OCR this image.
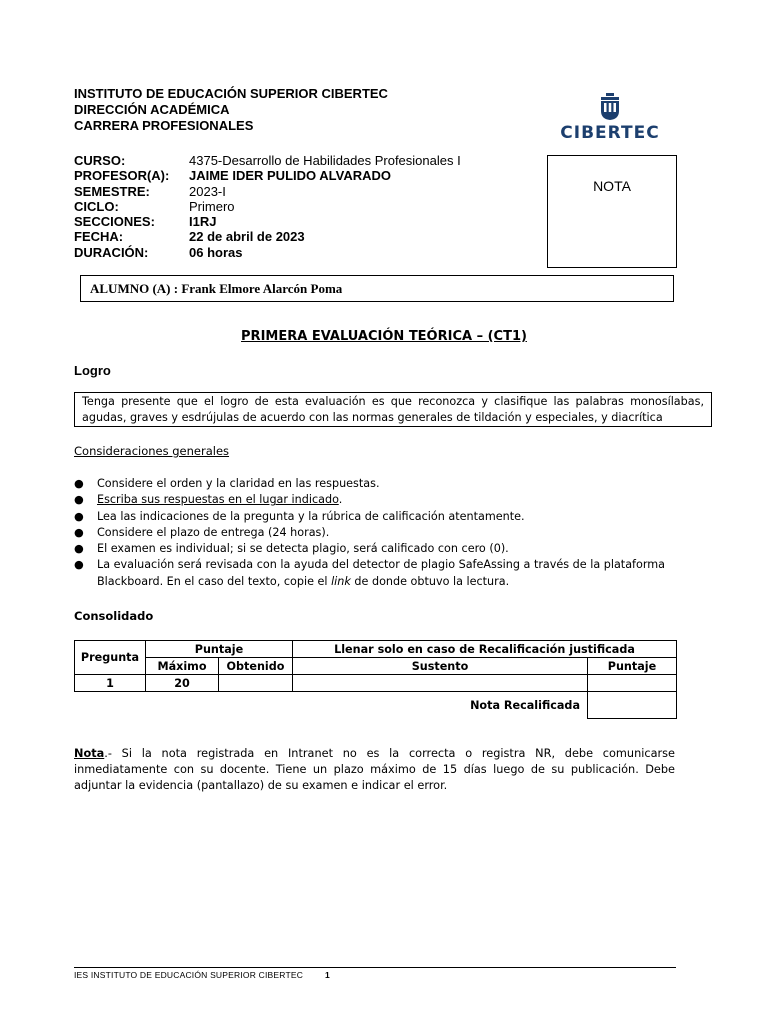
INSTITUTO DE EDUCACIÓN SUPERIOR CIBERTEC
DIRECCIÓN ACADÉMICA
CARRERA PROFESIONALES	CIBERTEC
CURSO:	4375-Desarrollo de Habilidades Profesionales I
PROFESOR(A):	JAIME IDER PULIDO ALVARADO
SEMESTRE:	2023-I
CICLO:	Primero
SECCIONES:	I1RJ
FECHA:	22 de abril de 2023
DURACIÓN:	06 horas
NOTA
ALUMNO (A) : Frank Elmore Alarcón Poma
PRIMERA EVALUACIÓN TEÓRICA – (CT1)
Logro
Tenga presente que el logro de esta evaluación es que reconozca y clasifique las palabras monosílabas, agudas, graves y esdrújulas de acuerdo con las normas generales de tildación y especiales, y diacrítica
Consideraciones generales
●	Considere el orden y la claridad en las respuestas.
●	Escriba sus respuestas en el lugar indicado.
●	Lea las indicaciones de la pregunta y la rúbrica de calificación atentamente.
●	Considere el plazo de entrega (24 horas).
●	El examen es individual; si se detecta plagio, será calificado con cero (0).
●	La evaluación será revisada con la ayuda del detector de plagio SafeAssing a través de la plataforma Blackboard. En el caso del texto, copie el link de donde obtuvo la lectura.
Consolidado
Pregunta	Puntaje		Llenar solo en caso de Recalificación justificada	
	Máximo	Obtenido	Sustento	Puntaje
1	20			
Nota Recalificada				
Nota.- Si la nota registrada en Intranet no es la correcta o registra NR, debe comunicarse inmediatamente con su docente. Tiene un plazo máximo de 15 días luego de su publicación. Debe adjuntar la evidencia (pantallazo) de su examen e indicar el error.
IES INSTITUTO DE EDUCACIÓN SUPERIOR CIBERTEC	1
